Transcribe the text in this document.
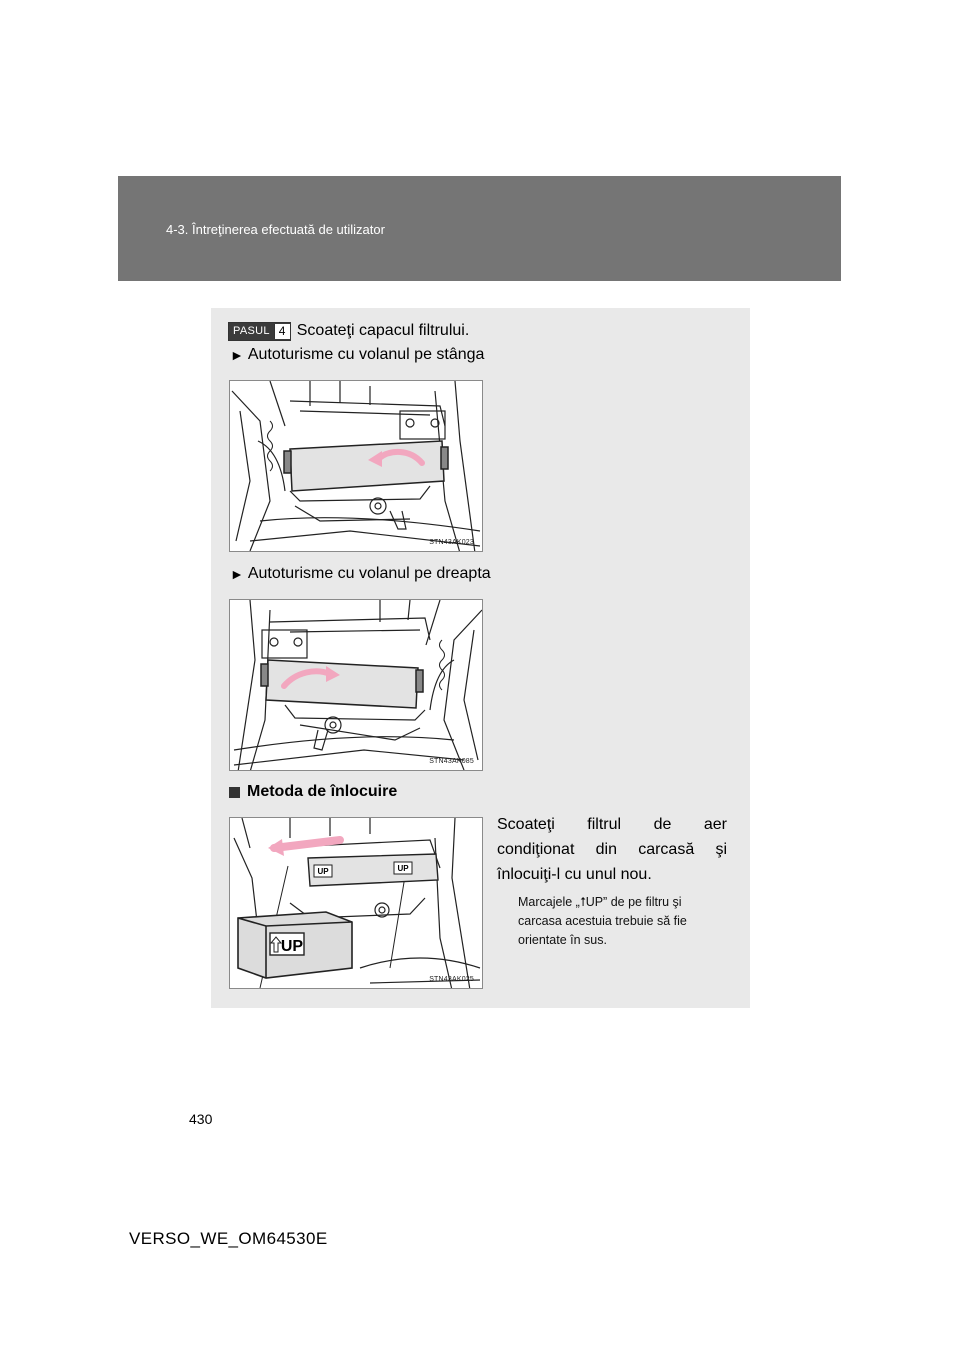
4-3. Întreţinerea efectuată de utilizator
PASUL 4 Scoateţi capacul filtrului.
► Autoturisme cu volanul pe stânga
STN43AK023
► Autoturisme cu volanul pe dreapta
STN43AK085
Metoda de înlocuire
UP	UP
UP
STN43AK025
Scoateţi filtrul de aer
condiţionat din carcasă şi
înlocuiţi-l cu unul nou.
Marcajele „⭡UP” de pe filtru şi carcasa acestuia trebuie să fie orientate în sus.
430
VERSO_WE_OM64530E
